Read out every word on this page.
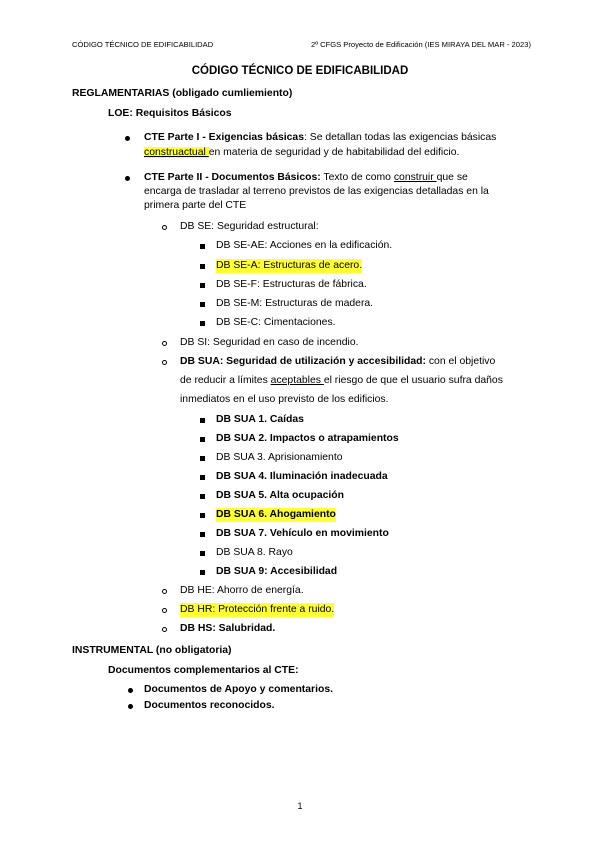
CÓDIGO TÉCNICO DE EDIFICABILIDAD	2º CFGS Proyecto de Edificación (IES MIRAYA DEL MAR - 2023)
CÓDIGO TÉCNICO DE EDIFICABILIDAD
REGLAMENTARIAS (obligado cumliemiento)
LOE: Requisitos Básicos
CTE Parte I - Exigencias básicas: Se detallan todas las exigencias básicas
construactual en materia de seguridad y de habitabilidad del edificio.
CTE Parte II - Documentos Básicos: Texto de como construir que se
encarga de trasladar al terreno previstos de las exigencias detalladas en la
primera parte del CTE
DB SE: Seguridad estructural:
DB SE-AE: Acciones en la edificación.
DB SE-A: Estructuras de acero.
DB SE-F: Estructuras de fábrica.
DB SE-M: Estructuras de madera.
DB SE-C: Cimentaciones.
DB SI: Seguridad en caso de incendio.
DB SUA: Seguridad de utilización y accesibilidad: con el objetivo
de reducir a límites aceptables el riesgo de que el usuario sufra daños
inmediatos en el uso previsto de los edificios.
DB SUA 1. Caídas
DB SUA 2. Impactos o atrapamientos
DB SUA 3. Aprisionamiento
DB SUA 4. Iluminación inadecuada
DB SUA 5. Alta ocupación
DB SUA 6. Ahogamiento
DB SUA 7. Vehículo en movimiento
DB SUA 8. Rayo
DB SUA 9: Accesibilidad
DB HE: Ahorro de energía.
DB HR: Protección frente a ruido.
DB HS: Salubridad.
INSTRUMENTAL (no obligatoria)
Documentos complementarios al CTE:
Documentos de Apoyo y comentarios.
Documentos reconocidos.
1
